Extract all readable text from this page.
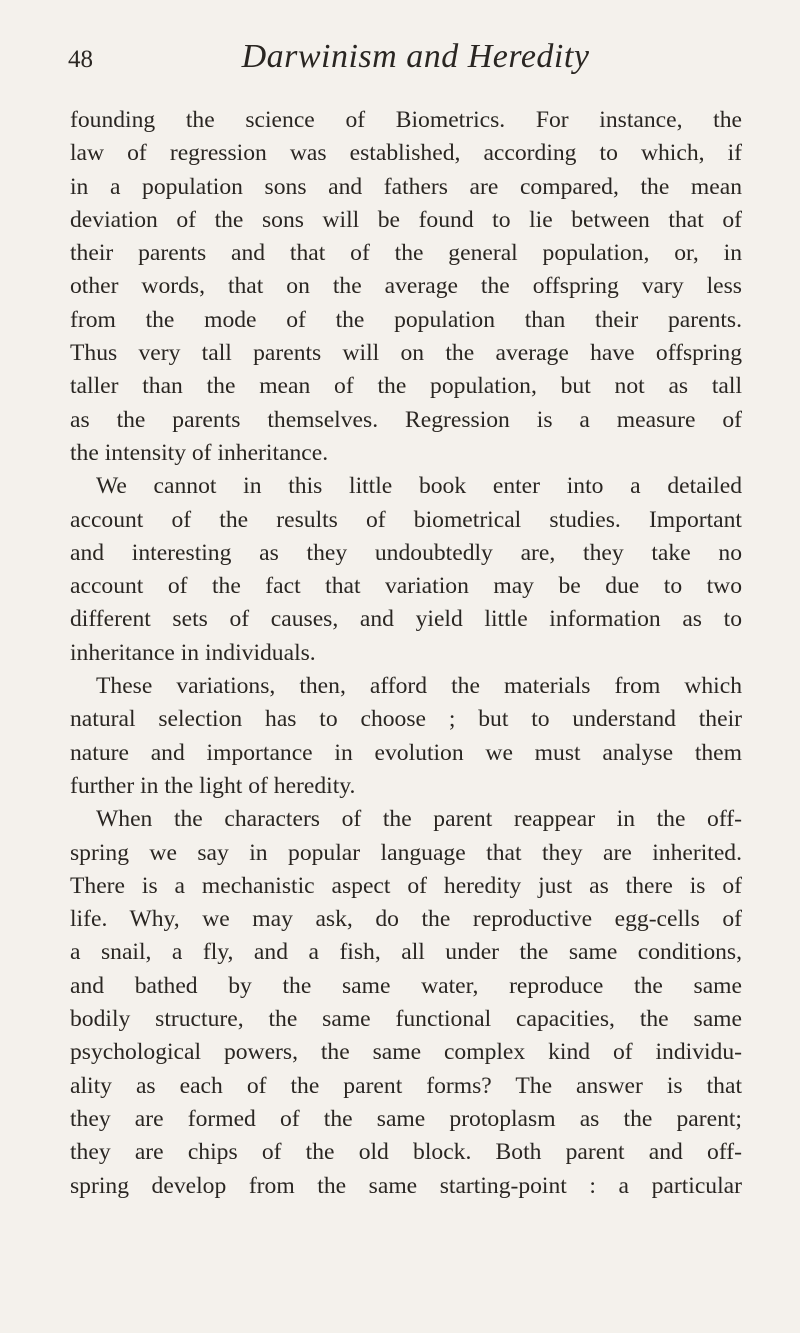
48	Darwinism and Heredity
founding the science of Biometrics. For instance, the
law of regression was established, according to which, if
in a population sons and fathers are compared, the mean
deviation of the sons will be found to lie between that of
their parents and that of the general population, or, in
other words, that on the average the offspring vary less
from the mode of the population than their parents.
Thus very tall parents will on the average have offspring
taller than the mean of the population, but not as tall
as the parents themselves. Regression is a measure of
the intensity of inheritance.
We cannot in this little book enter into a detailed
account of the results of biometrical studies. Important
and interesting as they undoubtedly are, they take no
account of the fact that variation may be due to two
different sets of causes, and yield little information as to
inheritance in individuals.
These variations, then, afford the materials from which
natural selection has to choose ; but to understand their
nature and importance in evolution we must analyse them
further in the light of heredity.
When the characters of the parent reappear in the off-
spring we say in popular language that they are inherited.
There is a mechanistic aspect of heredity just as there is of
life. Why, we may ask, do the reproductive egg-cells of
a snail, a fly, and a fish, all under the same conditions,
and bathed by the same water, reproduce the same
bodily structure, the same functional capacities, the same
psychological powers, the same complex kind of individu-
ality as each of the parent forms? The answer is that
they are formed of the same protoplasm as the parent;
they are chips of the old block. Both parent and off-
spring develop from the same starting-point : a particular
